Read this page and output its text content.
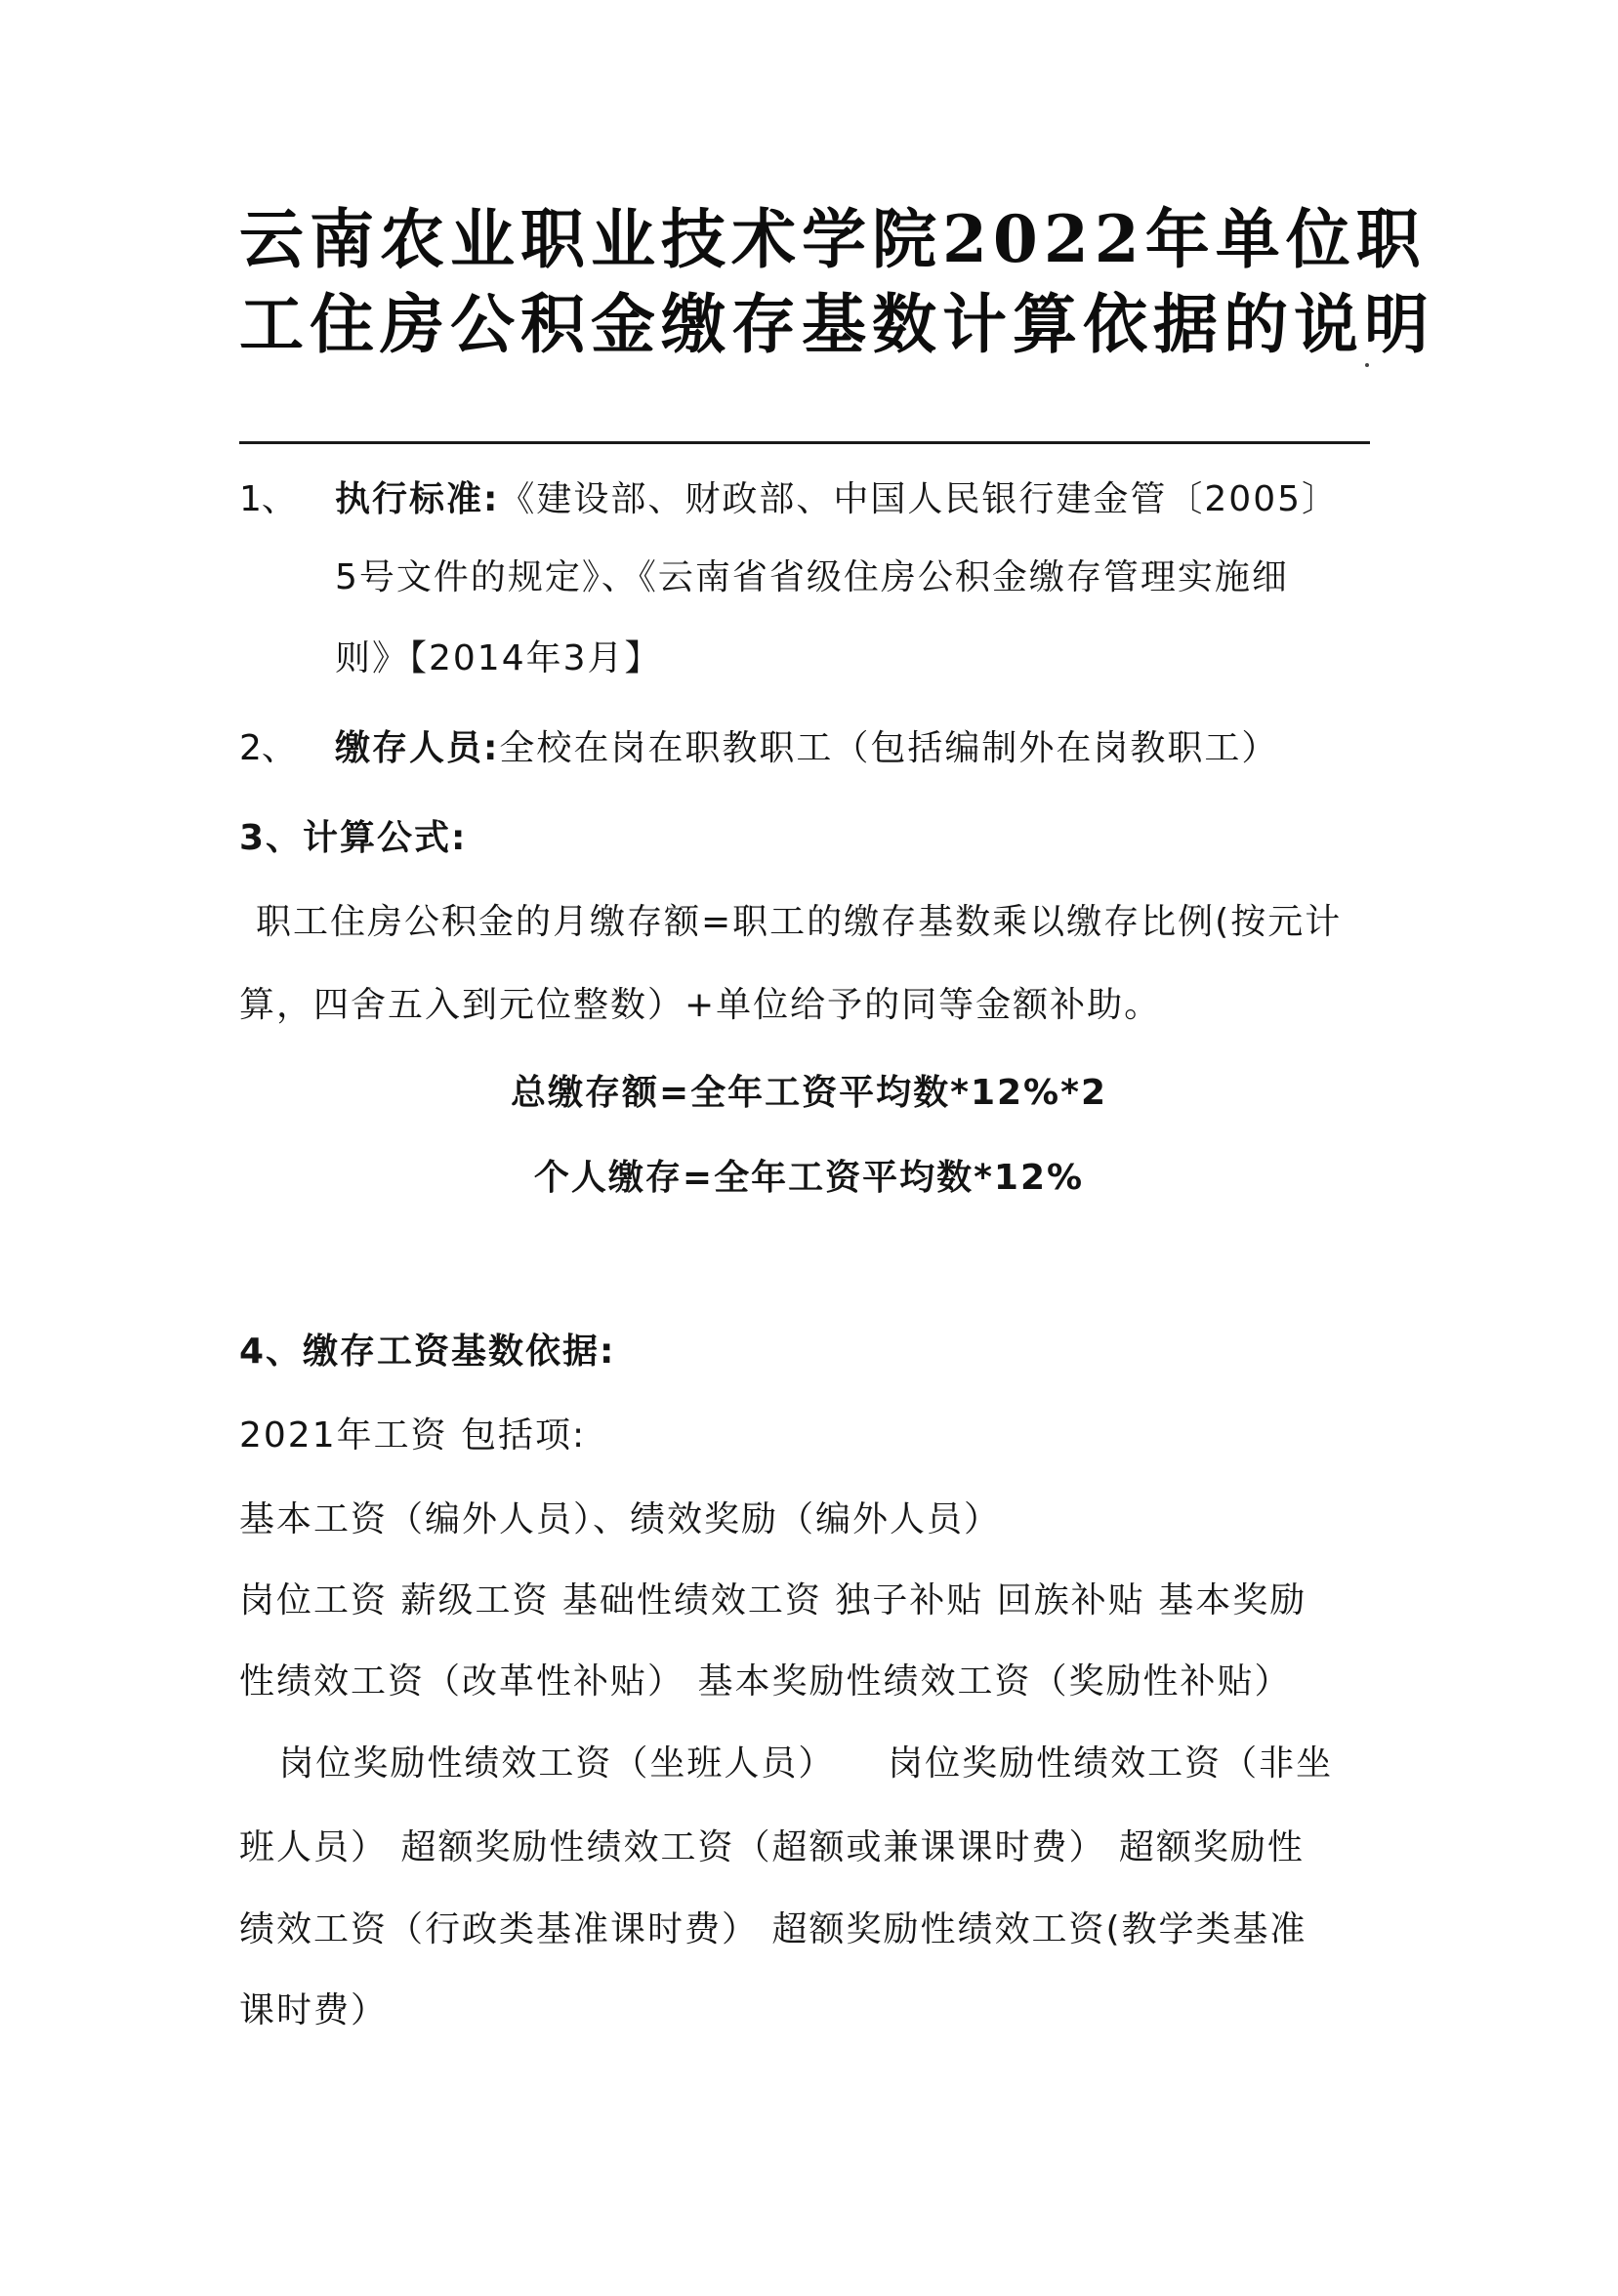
云南农业职业技术学院2022年单位职
工住房公积金缴存基数计算依据的说明
1、 执行标准:《建设部、财政部、中国人民银行建金管〔2005〕
5号文件的规定》、《云南省省级住房公积金缴存管理实施细
则》【2014年3月】
2、 缴存人员:全校在岗在职教职工（包括编制外在岗教职工）
3、计算公式:
职工住房公积金的月缴存额=职工的缴存基数乘以缴存比例(按元计
算，四舍五入到元位整数）+单位给予的同等金额补助。
总缴存额=全年工资平均数*12%*2
个人缴存=全年工资平均数*12%
4、缴存工资基数依据:
2021年工资 包括项:
基本工资（编外人员）、绩效奖励（编外人员）
岗位工资 薪级工资 基础性绩效工资 独子补贴 回族补贴 基本奖励
性绩效工资（改革性补贴） 基本奖励性绩效工资（奖励性补贴）
岗位奖励性绩效工资（坐班人员）    岗位奖励性绩效工资（非坐
班人员） 超额奖励性绩效工资（超额或兼课课时费） 超额奖励性
绩效工资（行政类基准课时费） 超额奖励性绩效工资(教学类基准
课时费）
